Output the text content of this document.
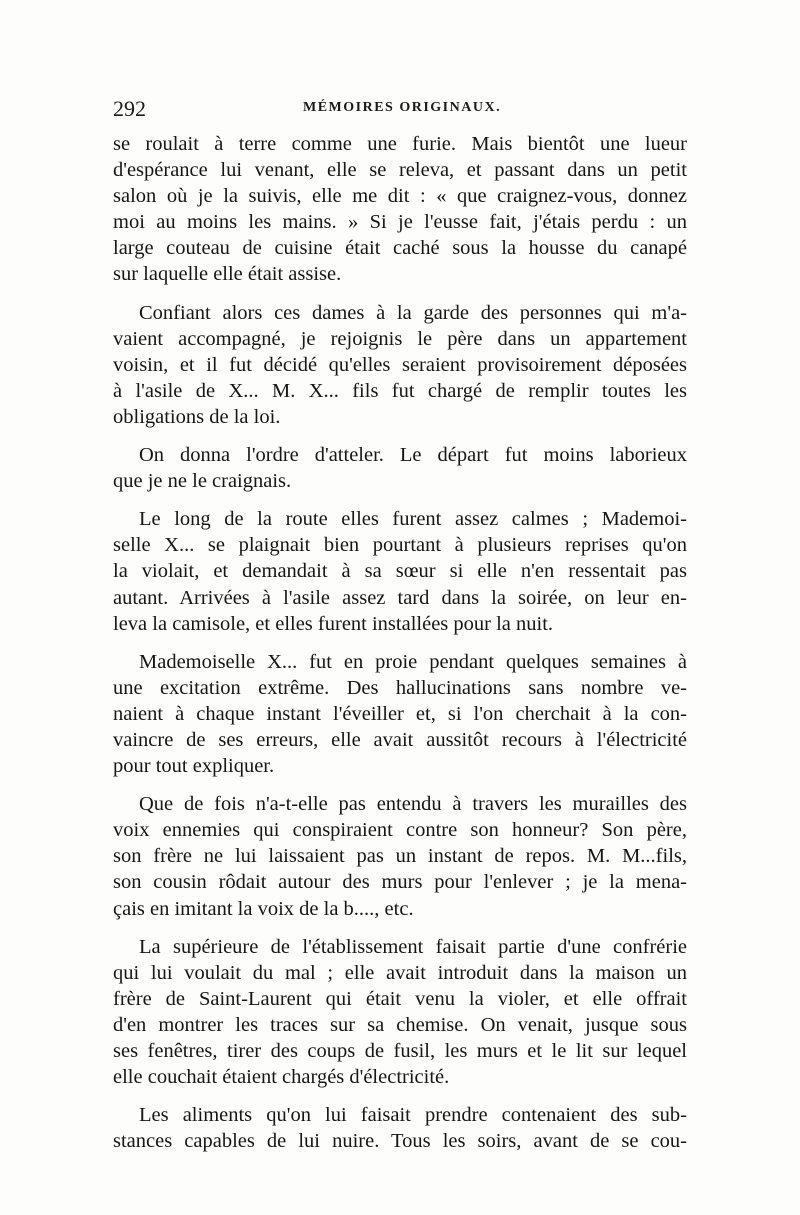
292	MÉMOIRES ORIGINAUX.

se roulait à terre comme une furie. Mais bientôt une lueur
d'espérance lui venant, elle se releva, et passant dans un petit
salon où je la suivis, elle me dit : « que craignez-vous, donnez
moi au moins les mains. » Si je l'eusse fait, j'étais perdu : un
large couteau de cuisine était caché sous la housse du canapé
sur laquelle elle était assise.

Confiant alors ces dames à la garde des personnes qui m'a-
vaient accompagné, je rejoignis le père dans un appartement
voisin, et il fut décidé qu'elles seraient provisoirement déposées
à l'asile de X... M. X... fils fut chargé de remplir toutes les
obligations de la loi.

On donna l'ordre d'atteler. Le départ fut moins laborieux
que je ne le craignais.

Le long de la route elles furent assez calmes ; Mademoi-
selle X... se plaignait bien pourtant à plusieurs reprises qu'on
la violait, et demandait à sa sœur si elle n'en ressentait pas
autant. Arrivées à l'asile assez tard dans la soirée, on leur en-
leva la camisole, et elles furent installées pour la nuit.

Mademoiselle X... fut en proie pendant quelques semaines à
une excitation extrême. Des hallucinations sans nombre ve-
naient à chaque instant l'éveiller et, si l'on cherchait à la con-
vaincre de ses erreurs, elle avait aussitôt recours à l'électricité
pour tout expliquer.

Que de fois n'a-t-elle pas entendu à travers les murailles des
voix ennemies qui conspiraient contre son honneur? Son père,
son frère ne lui laissaient pas un instant de repos. M. M...fils,
son cousin rôdait autour des murs pour l'enlever ; je la mena-
çais en imitant la voix de la b...., etc.

La supérieure de l'établissement faisait partie d'une confrérie
qui lui voulait du mal ; elle avait introduit dans la maison un
frère de Saint-Laurent qui était venu la violer, et elle offrait
d'en montrer les traces sur sa chemise. On venait, jusque sous
ses fenêtres, tirer des coups de fusil, les murs et le lit sur lequel
elle couchait étaient chargés d'électricité.

Les aliments qu'on lui faisait prendre contenaient des sub-
stances capables de lui nuire. Tous les soirs, avant de se cou-
